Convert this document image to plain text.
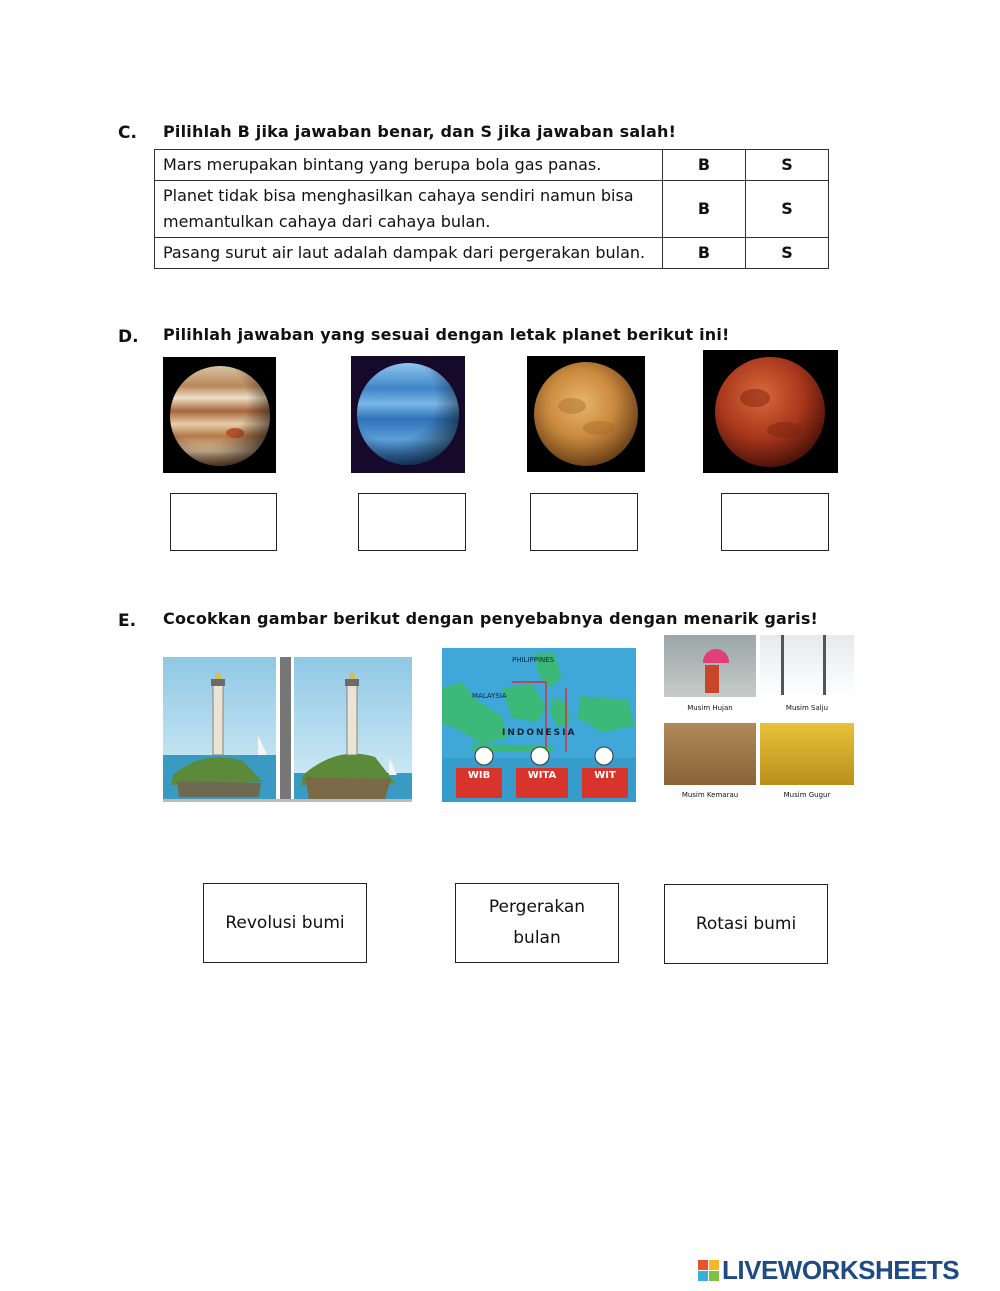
C. Pilihlah B jika jawaban benar, dan S jika jawaban salah!
Mars merupakan bintang yang berupa bola gas panas.	B	S
Planet tidak bisa menghasilkan cahaya sendiri namun bisa memantulkan cahaya dari cahaya bulan.	B	S
Pasang surut air laut adalah dampak dari pergerakan bulan.	B	S
D. Pilihlah jawaban yang sesuai dengan letak planet berikut ini!
E. Cocokkan gambar berikut dengan penyebabnya dengan menarik garis!
INDONESIA
PHILIPPINES
MALAYSIA
WIB	WITA	WIT
Musim Hujan	Musim Salju
Musim Kemarau	Musim Gugur
Revolusi bumi
Pergerakan bulan
Rotasi bumi
LIVEWORKSHEETS
